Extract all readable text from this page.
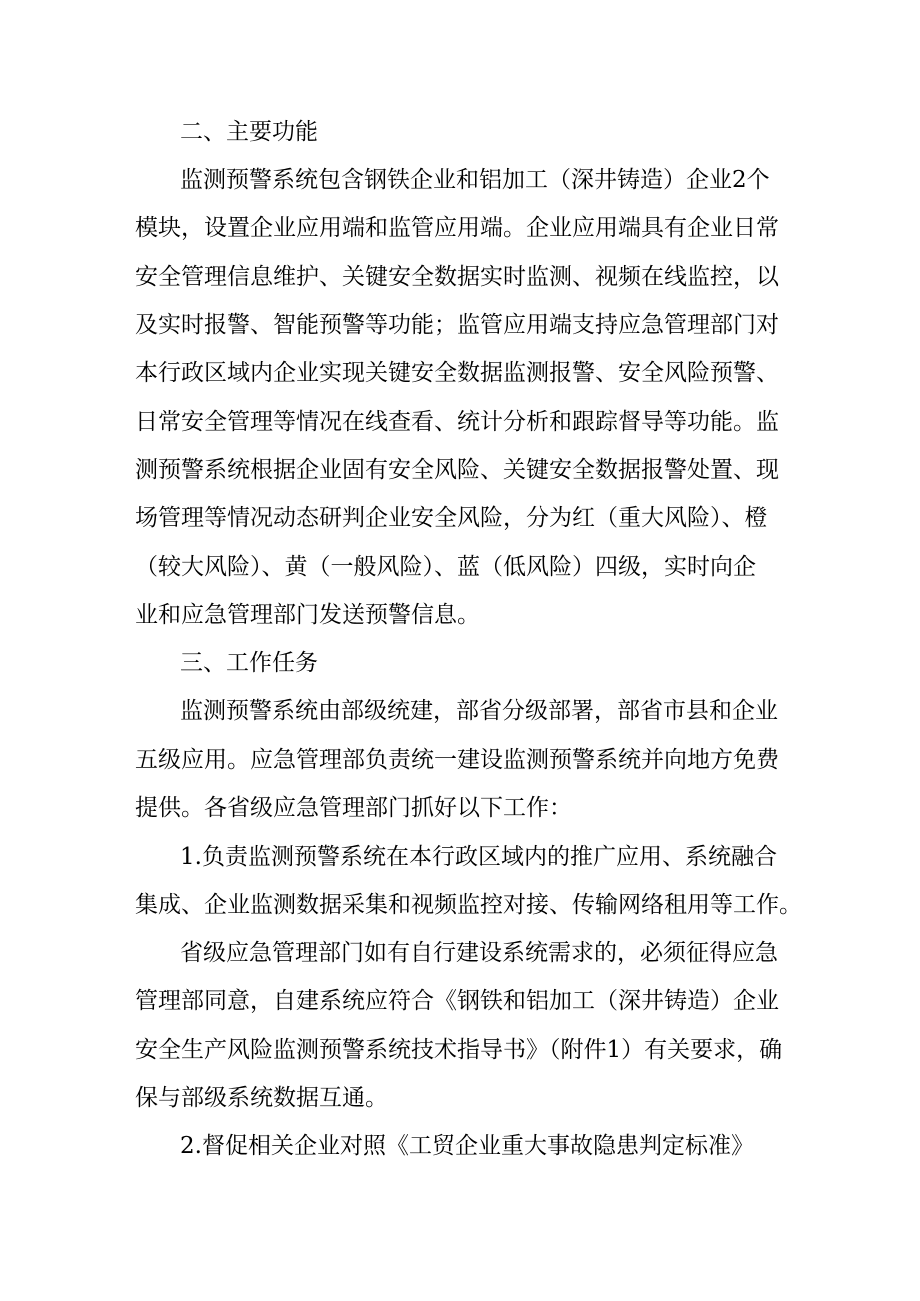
二、主要功能
监测预警系统包含钢铁企业和铝加工（深井铸造）企业2个
模块，设置企业应用端和监管应用端。企业应用端具有企业日常
安全管理信息维护、关键安全数据实时监测、视频在线监控，以
及实时报警、智能预警等功能；监管应用端支持应急管理部门对
本行政区域内企业实现关键安全数据监测报警、安全风险预警、
日常安全管理等情况在线查看、统计分析和跟踪督导等功能。监
测预警系统根据企业固有安全风险、关键安全数据报警处置、现
场管理等情况动态研判企业安全风险，分为红（重大风险）、橙
（较大风险）、黄（一般风险）、蓝（低风险）四级，实时向企
业和应急管理部门发送预警信息。
三、工作任务
监测预警系统由部级统建，部省分级部署，部省市县和企业
五级应用。应急管理部负责统一建设监测预警系统并向地方免费
提供。各省级应急管理部门抓好以下工作：
1.负责监测预警系统在本行政区域内的推广应用、系统融合
集成、企业监测数据采集和视频监控对接、传输网络租用等工作。
省级应急管理部门如有自行建设系统需求的，必须征得应急
管理部同意，自建系统应符合《钢铁和铝加工（深井铸造）企业
安全生产风险监测预警系统技术指导书》（附件1）有关要求，确
保与部级系统数据互通。
2.督促相关企业对照《工贸企业重大事故隐患判定标准》
